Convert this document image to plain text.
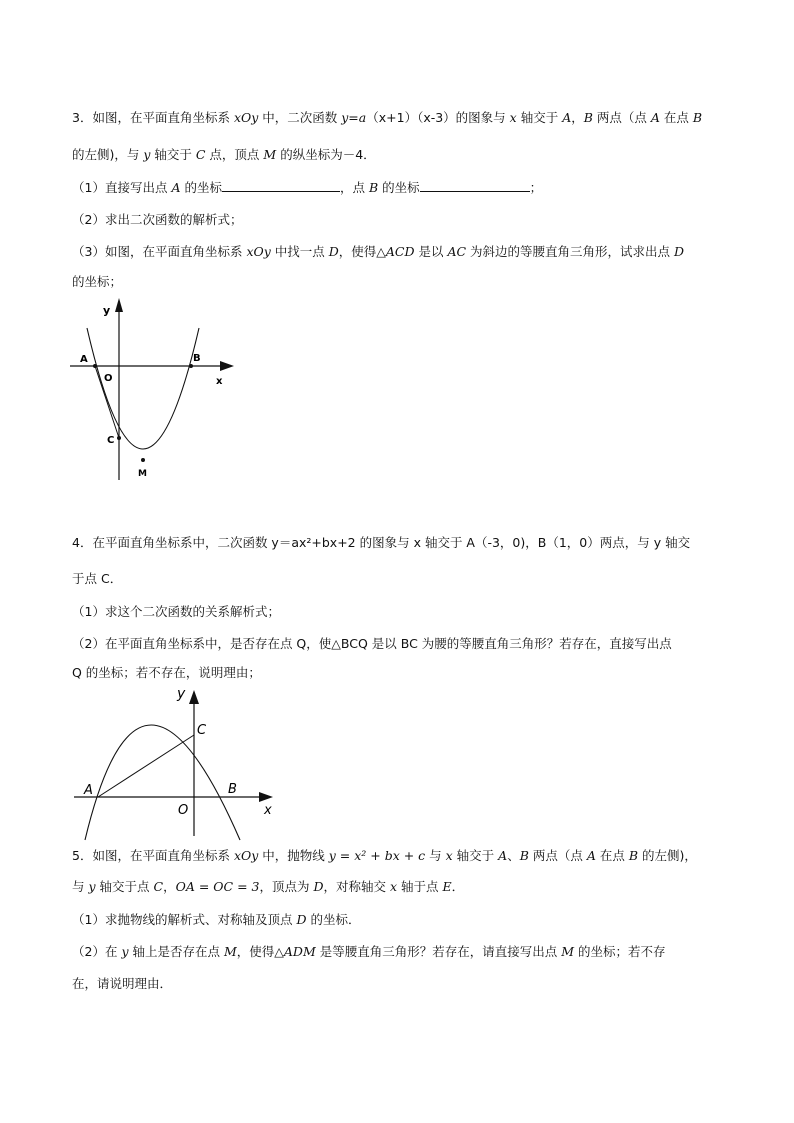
3．如图，在平面直角坐标系 xOy 中，二次函数 y=a（x+1）（x-3）的图象与 x 轴交于 A，B 两点（点 A 在点 B
的左侧)，与 y 轴交于 C 点，顶点 M 的纵坐标为－4．
（1）直接写出点 A 的坐标	，点 B 的坐标	；
（2）求出二次函数的解析式；
（3）如图，在平面直角坐标系 xOy 中找一点 D，使得△ACD 是以 AC 为斜边的等腰直角三角形，试求出点 D
的坐标；
y
x
A	B
O
C
M
4．在平面直角坐标系中，二次函数 y＝ax²+bx+2 的图象与 x 轴交于 A（-3，0)，B（1，0）两点，与 y 轴交
于点 C．
（1）求这个二次函数的关系解析式；
（2）在平面直角坐标系中，是否存在点 Q，使△BCQ 是以 BC 为腰的等腰直角三角形？若存在，直接写出点
Q 的坐标；若不存在，说明理由；
y
x
A	B
O
C
5．如图，在平面直角坐标系 xOy 中，抛物线 y = x² + bx + c 与 x 轴交于 A、B 两点（点 A 在点 B 的左侧)，
与 y 轴交于点 C，OA = OC = 3，顶点为 D，对称轴交 x 轴于点 E．
（1）求抛物线的解析式、对称轴及顶点 D 的坐标．
（2）在 y 轴上是否存在点 M，使得△ADM 是等腰直角三角形？若存在，请直接写出点 M 的坐标；若不存
在，请说明理由．
